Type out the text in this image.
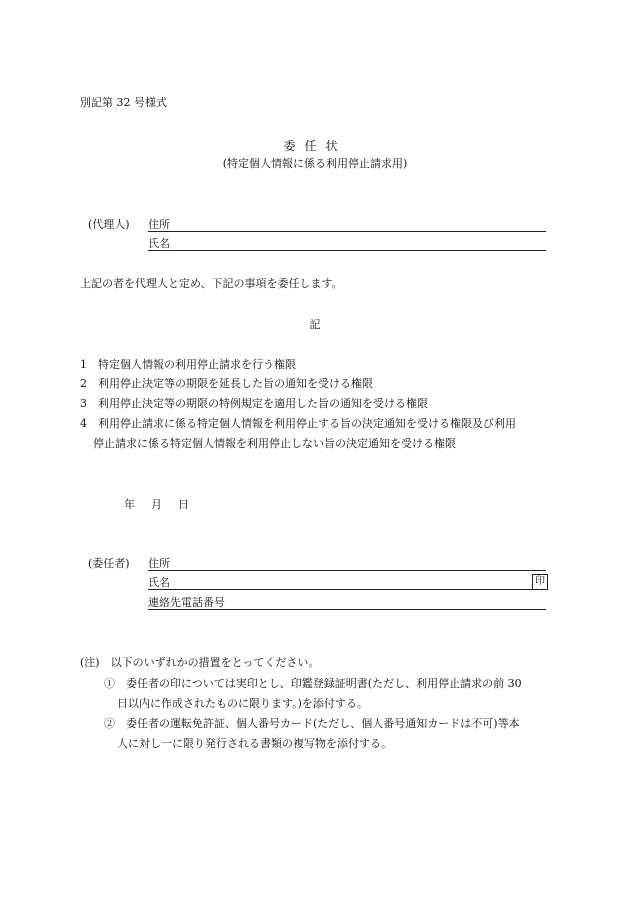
別記第 32 号様式
委任状
(特定個人情報に係る利用停止請求用)
(代理人) 住所
氏名
上記の者を代理人と定め、下記の事項を委任します。
記
1　特定個人情報の利用停止請求を行う権限
2　利用停止決定等の期限を延長した旨の通知を受ける権限
3　利用停止決定等の期限の特例規定を適用した旨の通知を受ける権限
4　利用停止請求に係る特定個人情報を利用停止する旨の決定通知を受ける権限及び利用
停止請求に係る特定個人情報を利用停止しない旨の決定通知を受ける権限
年 月 日
(委任者) 住所
氏名	印
連絡先電話番号
(注)　以下のいずれかの措置をとってください。
①　委任者の印については実印とし、印鑑登録証明書(ただし、利用停止請求の前 30
日以内に作成されたものに限ります。)を添付する。
②　委任者の運転免許証、個人番号カード(ただし、個人番号通知カードは不可)等本
人に対し一に限り発行される書類の複写物を添付する。
